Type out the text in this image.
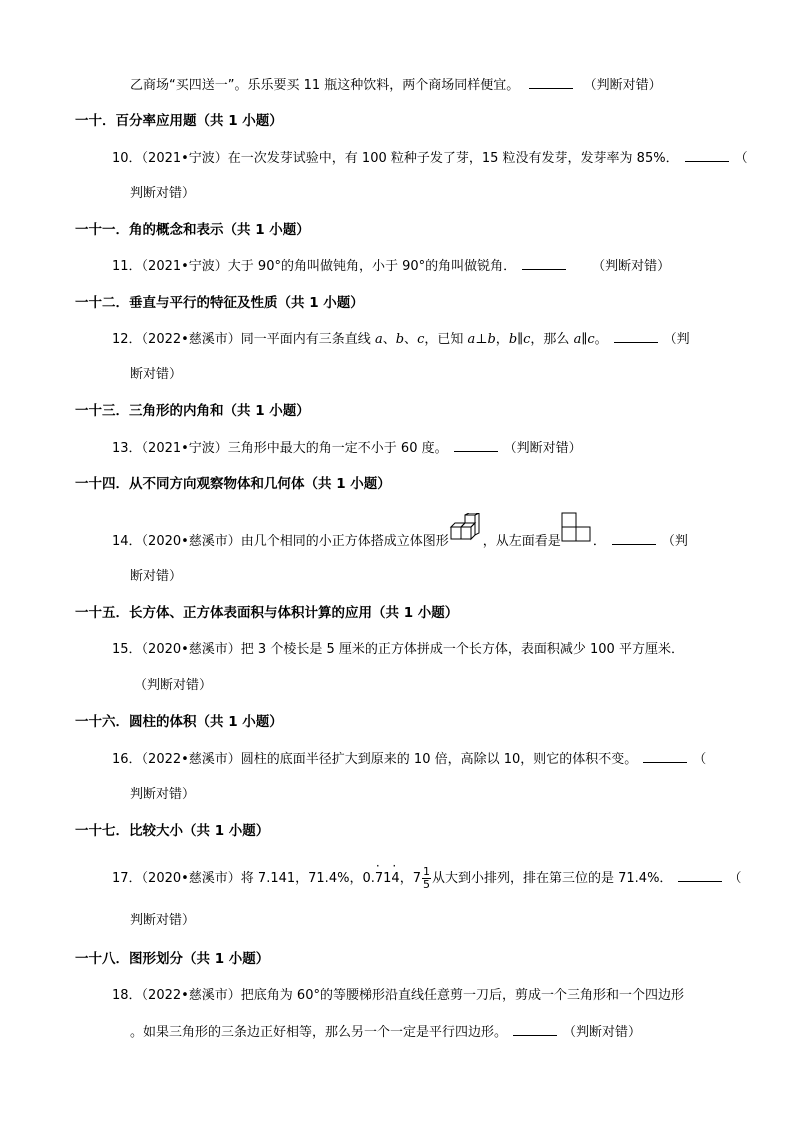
乙商场“买四送一”。乐乐要买 11 瓶这种饮料，两个商场同样便宜。	（判断对错）
一十．百分率应用题（共 1 小题）
10．（2021•宁波）在一次发芽试验中，有 100 粒种子发了芽，15 粒没有发芽，发芽率为 85%．	（
判断对错）
一十一．角的概念和表示（共 1 小题）
11．（2021•宁波）大于 90°的角叫做钝角，小于 90°的角叫做锐角．	（判断对错）
一十二．垂直与平行的特征及性质（共 1 小题）
12．（2022•慈溪市）同一平面内有三条直线 a、b、c，已知 a⊥b，b∥c，那么 a∥c。	（判
断对错）
一十三．三角形的内角和（共 1 小题）
13．（2021•宁波）三角形中最大的角一定不小于 60 度。	（判断对错）
一十四．从不同方向观察物体和几何体（共 1 小题）
14．（2020•慈溪市）由几个相同的小正方体搭成立体图形	，从左面看是 ．	（判
断对错）
一十五．长方体、正方体表面积与体积计算的应用（共 1 小题）
15．（2020•慈溪市）把 3 个棱长是 5 厘米的正方体拼成一个长方体，表面积减少 100 平方厘米．
（判断对错）
一十六．圆柱的体积（共 1 小题）
16．（2022•慈溪市）圆柱的底面半径扩大到原来的 10 倍，高除以 10，则它的体积不变。	（
判断对错）
一十七．比较大小（共 1 小题）
17．（2020•慈溪市）将 7.141，71.4%，0.
·
71
·
4，$7 \frac{1}{5}$ 从大到小排列，排在第三位的是 71.4%．	（
判断对错）
一十八．图形划分（共 1 小题）
18．（2022•慈溪市）把底角为 60°的等腰梯形沿直线任意剪一刀后，剪成一个三角形和一个四边形
。如果三角形的三条边正好相等，那么另一个一定是平行四边形。	（判断对错）
